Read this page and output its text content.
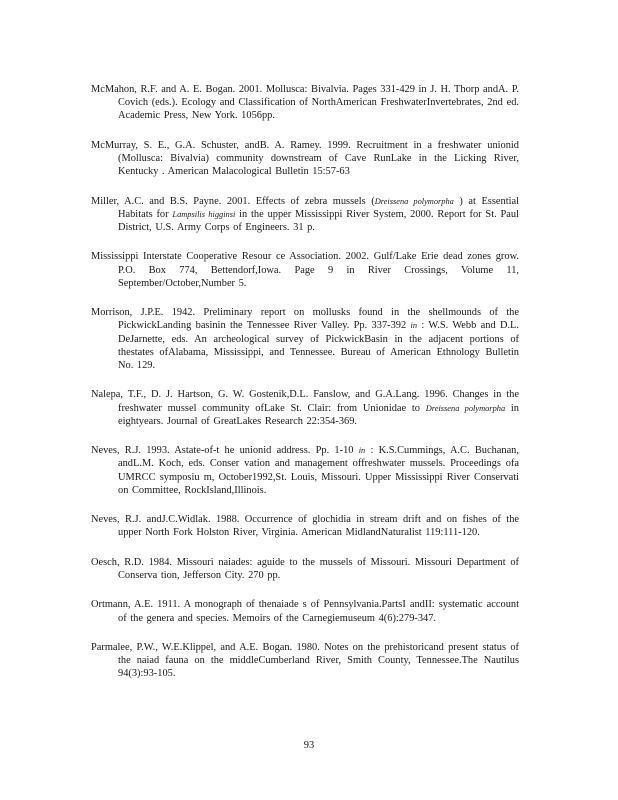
McMahon, R.F. and A. E. Bogan. 2001. Mollusca: Bivalvia. Pages 331-429 in J. H. Thorp andA. P. Covich (eds.). Ecology and Classification of NorthAmerican FreshwaterInvertebrates, 2nd ed. Academic Press, New York. 1056pp.

McMurray, S. E., G.A. Schuster, andB. A. Ramey. 1999. Recruitment in a freshwater unionid (Mollusca: Bivalvia) community downstream of Cave RunLake in the Licking River, Kentucky . American Malacological Bulletin 15:57-63

Miller, A.C. and B.S. Payne. 2001. Effects of zebra mussels (Dreissena polymorpha ) at Essential Habitats for Lampsilis higginsi in the upper Mississippi River System, 2000. Report for St. Paul District, U.S. Army Corps of Engineers. 31 p.

Mississippi Interstate Cooperative Resour ce Association. 2002. Gulf/Lake Erie dead zones grow. P.O. Box 774, Bettendorf,Iowa. Page 9 in River Crossings, Volume 11, September/October,Number 5.

Morrison, J.P.E. 1942. Preliminary report on mollusks found in the shellmounds of the PickwickLanding basinin the Tennessee River Valley. Pp. 337-392 in : W.S. Webb and D.L. DeJarnette, eds. An archeological survey of PickwickBasin in the adjacent portions of thestates ofAlabama, Mississippi, and Tennessee. Bureau of American Ethnology Bulletin No. 129.

Nalepa, T.F., D. J. Hartson, G. W. Gostenik,D.L. Fanslow, and G.A.Lang. 1996. Changes in the freshwater mussel community ofLake St. Clair: from Unionidae to Dreissena polymorpha in eightyears. Journal of GreatLakes Research 22:354-369.

Neves, R.J. 1993. Astate-of-t he unionid address. Pp. 1-10 in : K.S.Cummings, A.C. Buchanan, andL.M. Koch, eds. Conser vation and management offreshwater mussels. Proceedings ofa UMRCC symposiu m, October1992,St. Louis, Missouri. Upper Mississippi River Conservati on Committee, RockIsland,Illinois.

Neves, R.J. andJ.C.Widlak. 1988. Occurrence of glochidia in stream drift and on fishes of the upper North Fork Holston River, Virginia. American MidlandNaturalist 119:111-120.

Oesch, R.D. 1984. Missouri naiades: aguide to the mussels of Missouri. Missouri Department of Conserva tion, Jefferson City. 270 pp.

Ortmann, A.E. 1911. A monograph of thenaiade s of Pennsylvania.PartsI andII: systematic account of the genera and species. Memoirs of the Carnegiemuseum 4(6):279-347.

Parmalee, P.W., W.E.Klippel, and A.E. Bogan. 1980. Notes on the prehistoricand present status of the naiad fauna on the middleCumberland River, Smith County, Tennessee.The Nautilus 94(3):93-105.

93
